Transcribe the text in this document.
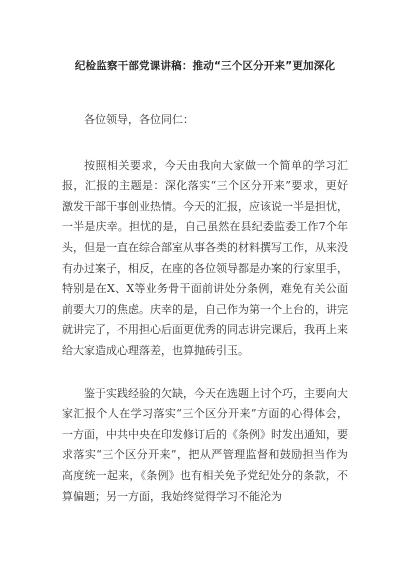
纪检监察干部党课讲稿：推动“三个区分开来”更加深化

各位领导，各位同仁：

按照相关要求，今天由我向大家做一个简单的学习汇报，汇报的主题是：深化落实“三个区分开来”要求，更好激发干部干事创业热情。今天的汇报，应该说一半是担忧，一半是庆幸。担忧的是，自己虽然在县纪委监委工作7个年头，但是一直在综合部室从事各类的材料撰写工作，从来没有办过案子，相反，在座的各位领导都是办案的行家里手，特别是在X、X等业务骨干面前讲处分条例，难免有关公面前要大刀的焦虑。庆幸的是，自己作为第一个上台的，讲完就讲完了，不用担心后面更优秀的同志讲完课后，我再上来给大家造成心理落差，也算抛砖引玉。

鉴于实践经验的欠缺，今天在选题上讨个巧，主要向大家汇报个人在学习落实“三个区分开来”方面的心得体会，一方面，中共中央在印发修订后的《条例》时发出通知，要求落实“三个区分开来”，把从严管理监督和鼓励担当作为高度统一起来，《条例》也有相关免予党纪处分的条款，不算偏题；另一方面，我始终觉得学习不能沦为
